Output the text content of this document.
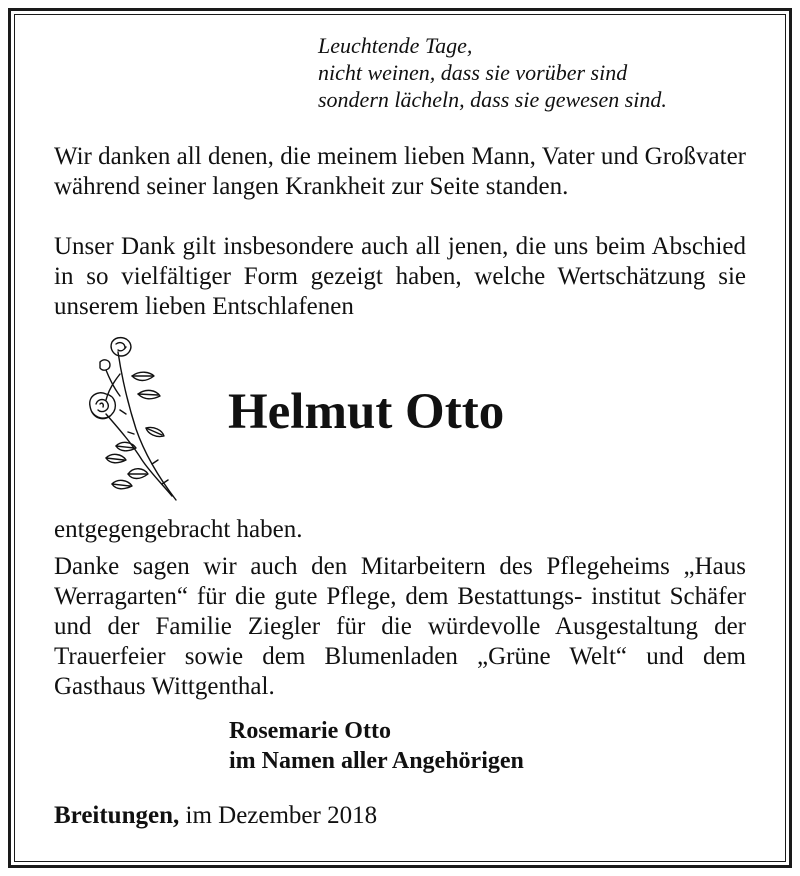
Leuchtende Tage,
nicht weinen, dass sie vorüber sind
sondern lächeln, dass sie gewesen sind.

Wir danken all denen, die meinem lieben Mann, Vater und Großvater während seiner langen Krankheit zur Seite standen.

Unser Dank gilt insbesondere auch all jenen, die uns beim Abschied in so vielfältiger Form gezeigt haben, welche Wertschätzung sie unserem lieben Entschlafenen

Helmut Otto

entgegengebracht haben.

Danke sagen wir auch den Mitarbeitern des Pflegeheims „Haus Werragarten“ für die gute Pflege, dem Bestattungs- institut Schäfer und der Familie Ziegler für die würdevolle Ausgestaltung der Trauerfeier sowie dem Blumenladen „Grüne Welt“ und dem Gasthaus Wittgenthal.

Rosemarie Otto
im Namen aller Angehörigen

Breitungen, im Dezember 2018
